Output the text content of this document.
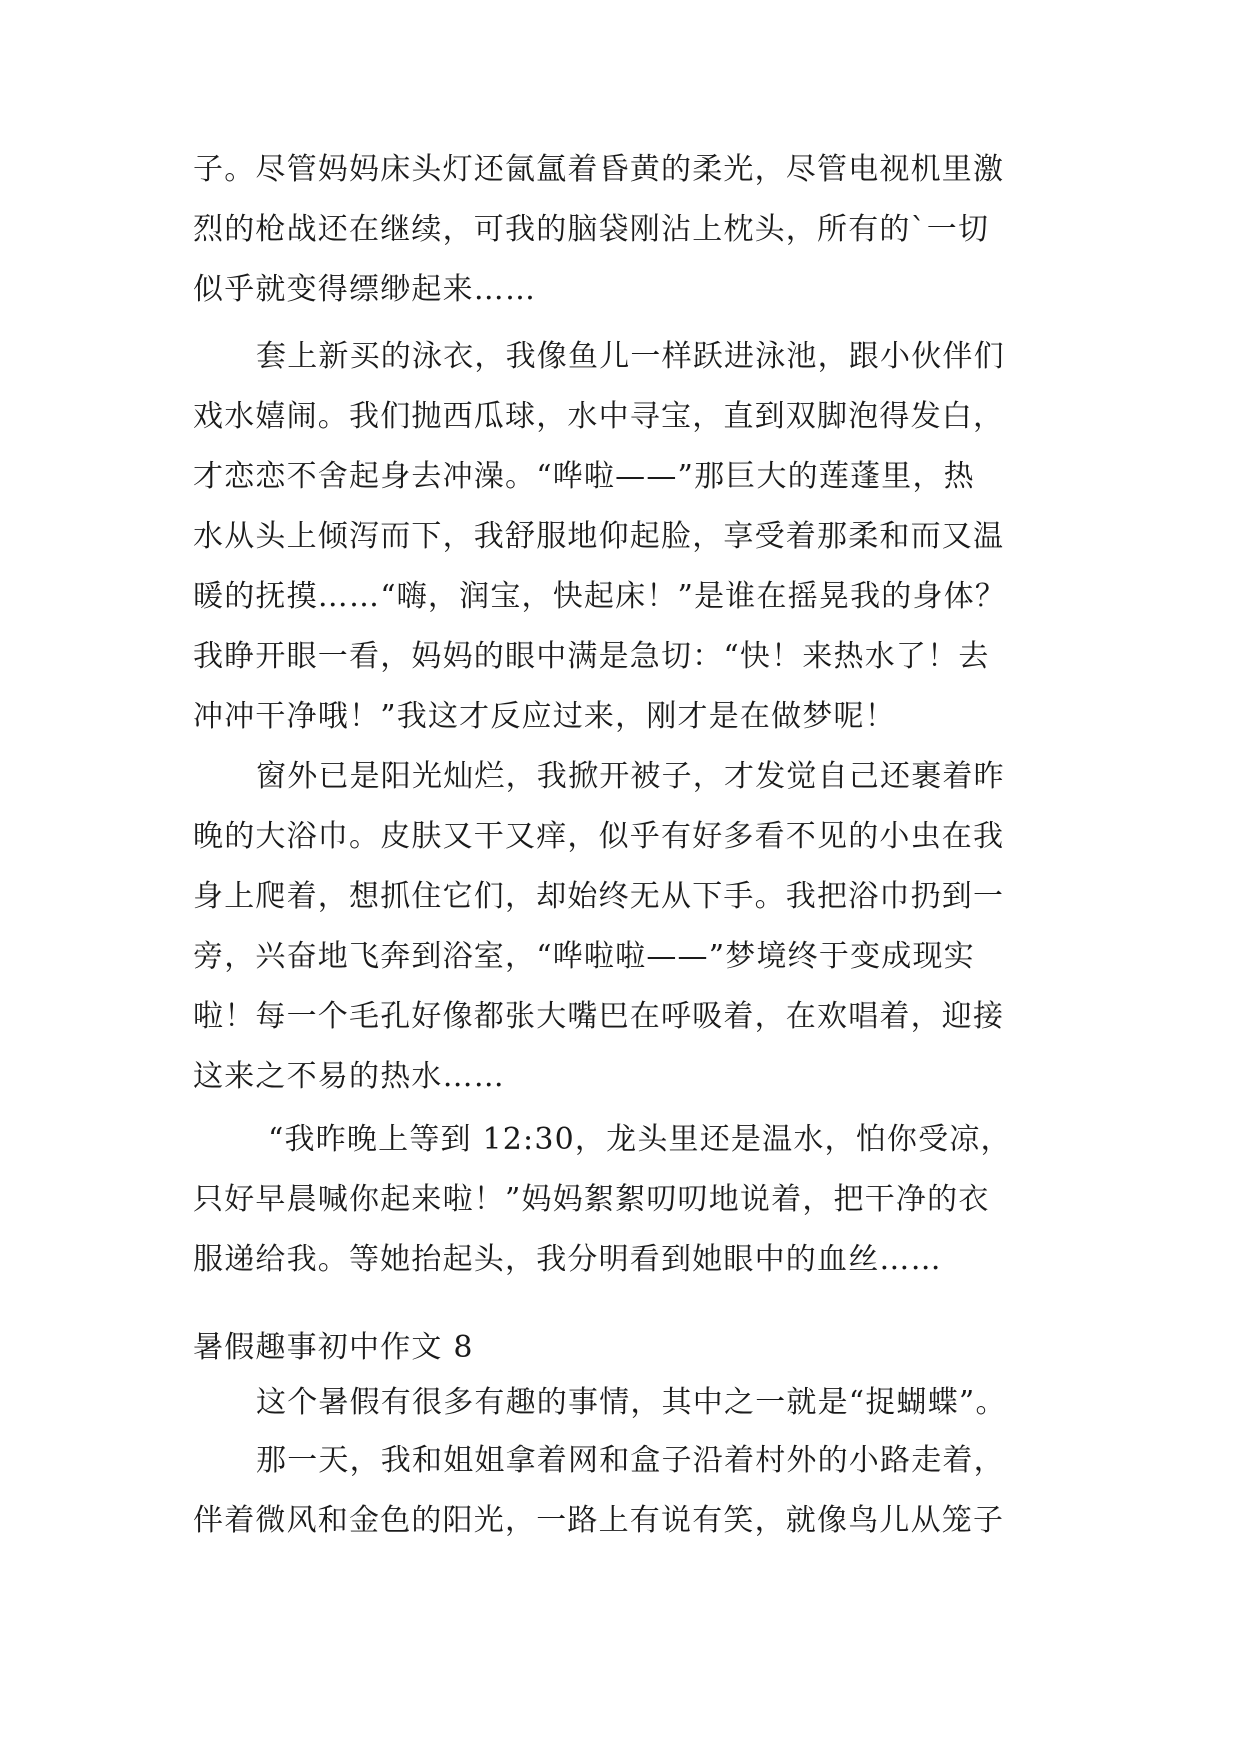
子。尽管妈妈床头灯还氤氲着昏黄的柔光，尽管电视机里激
烈的枪战还在继续，可我的脑袋刚沾上枕头，所有的`一切
似乎就变得缥缈起来……
套上新买的泳衣，我像鱼儿一样跃进泳池，跟小伙伴们
戏水嬉闹。我们抛西瓜球，水中寻宝，直到双脚泡得发白，
才恋恋不舍起身去冲澡。“哗啦——”那巨大的莲蓬里，热
水从头上倾泻而下，我舒服地仰起脸，享受着那柔和而又温
暖的抚摸……“嗨，润宝，快起床！”是谁在摇晃我的身体？
我睁开眼一看，妈妈的眼中满是急切：“快！来热水了！去
冲冲干净哦！”我这才反应过来，刚才是在做梦呢！
窗外已是阳光灿烂，我掀开被子，才发觉自己还裹着昨
晚的大浴巾。皮肤又干又痒，似乎有好多看不见的小虫在我
身上爬着，想抓住它们，却始终无从下手。我把浴巾扔到一
旁，兴奋地飞奔到浴室，“哗啦啦——”梦境终于变成现实
啦！每一个毛孔好像都张大嘴巴在呼吸着，在欢唱着，迎接
这来之不易的热水……
“我昨晚上等到 12:30，龙头里还是温水，怕你受凉，
只好早晨喊你起来啦！”妈妈絮絮叨叨地说着，把干净的衣
服递给我。等她抬起头，我分明看到她眼中的血丝……
暑假趣事初中作文 8
这个暑假有很多有趣的事情，其中之一就是“捉蝴蝶”。
那一天，我和姐姐拿着网和盒子沿着村外的小路走着，
伴着微风和金色的阳光，一路上有说有笑，就像鸟儿从笼子
